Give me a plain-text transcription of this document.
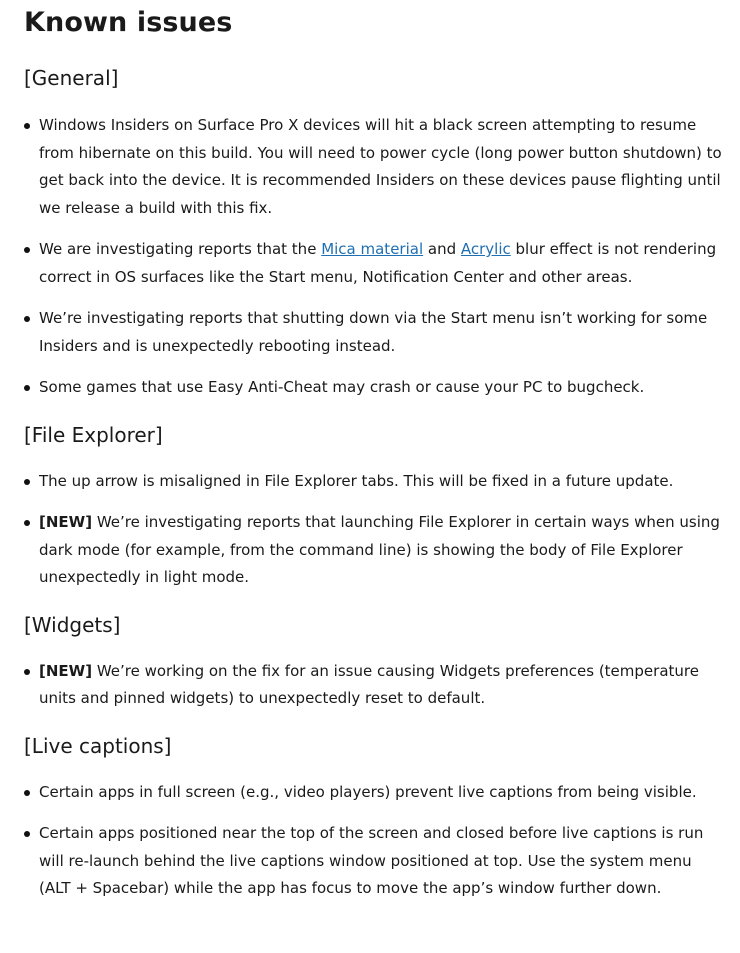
Known issues
[General]
Windows Insiders on Surface Pro X devices will hit a black screen attempting to resume from hibernate on this build. You will need to power cycle (long power button shutdown) to get back into the device. It is recommended Insiders on these devices pause flighting until we release a build with this fix.
We are investigating reports that the Mica material and Acrylic blur effect is not rendering correct in OS surfaces like the Start menu, Notification Center and other areas.
We’re investigating reports that shutting down via the Start menu isn’t working for some Insiders and is unexpectedly rebooting instead.
Some games that use Easy Anti-Cheat may crash or cause your PC to bugcheck.
[File Explorer]
The up arrow is misaligned in File Explorer tabs. This will be fixed in a future update.
[NEW] We’re investigating reports that launching File Explorer in certain ways when using dark mode (for example, from the command line) is showing the body of File Explorer unexpectedly in light mode.
[Widgets]
[NEW] We’re working on the fix for an issue causing Widgets preferences (temperature units and pinned widgets) to unexpectedly reset to default.
[Live captions]
Certain apps in full screen (e.g., video players) prevent live captions from being visible.
Certain apps positioned near the top of the screen and closed before live captions is run will re-launch behind the live captions window positioned at top. Use the system menu (ALT + Spacebar) while the app has focus to move the app’s window further down.
